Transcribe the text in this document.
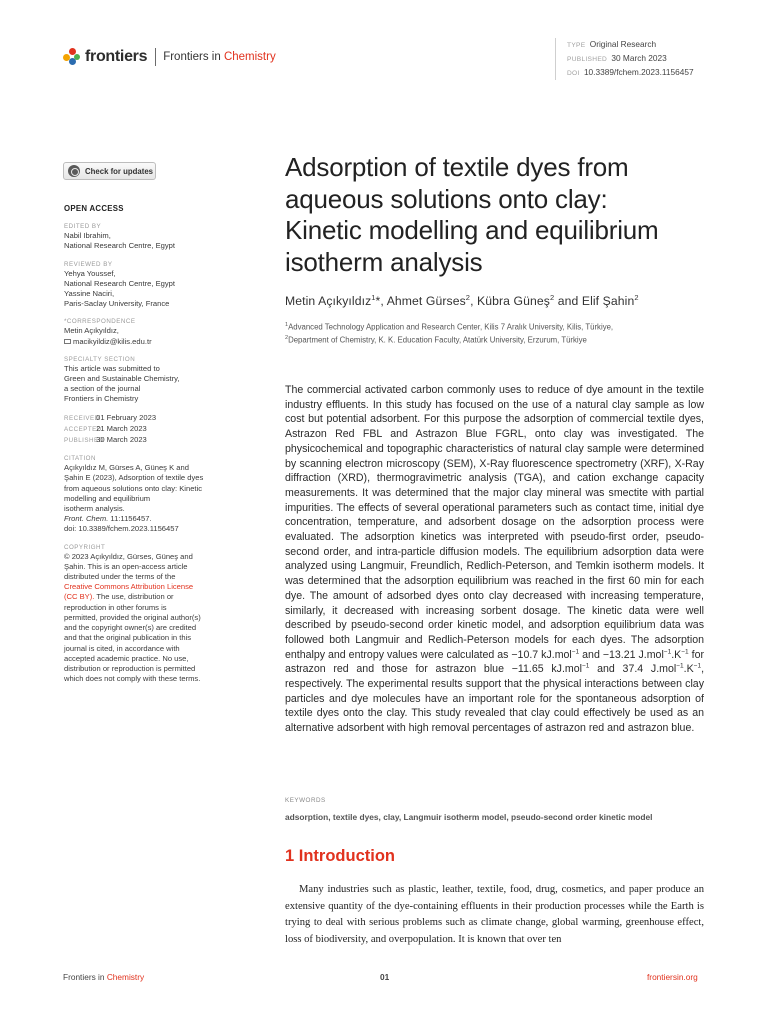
frontiers Frontiers in Chemistry
TYPE Original Research
PUBLISHED 30 March 2023
DOI 10.3389/fchem.2023.1156457
Check for updates
OPEN ACCESS
EDITED BY
Nabil Ibrahim,
National Research Centre, Egypt
REVIEWED BY
Yehya Youssef,
National Research Centre, Egypt
Yassine Naciri,
Paris-Saclay University, France
*CORRESPONDENCE
Metin Açıkyıldız,
macikyildiz@kilis.edu.tr
SPECIALTY SECTION
This article was submitted to
Green and Sustainable Chemistry,
a section of the journal
Frontiers in Chemistry
RECEIVED 01 February 2023
ACCEPTED 21 March 2023
PUBLISHED 30 March 2023
CITATION
Açıkyıldız M, Gürses A, Güneş K and
Şahin E (2023), Adsorption of textile dyes
from aqueous solutions onto clay: Kinetic
modelling and equilibrium
isotherm analysis.
Front. Chem. 11:1156457.
doi: 10.3389/fchem.2023.1156457
COPYRIGHT
© 2023 Açıkyıldız, Gürses, Güneş and
Şahin. This is an open-access article
distributed under the terms of the
Creative Commons Attribution License
(CC BY). The use, distribution or
reproduction in other forums is
permitted, provided the original author(s)
and the copyright owner(s) are credited
and that the original publication in this
journal is cited, in accordance with
accepted academic practice. No use,
distribution or reproduction is permitted
which does not comply with these terms.
Adsorption of textile dyes from
aqueous solutions onto clay:
Kinetic modelling and equilibrium
isotherm analysis
Metin Açıkyıldız$^1$*, Ahmet Gürses$^2$, Kübra Güneş$^2$ and Elif Şahin$^2$
$^1$Advanced Technology Application and Research Center, Kilis 7 Aralık University, Kilis, Türkiye,
$^2$Department of Chemistry, K. K. Education Faculty, Atatürk University, Erzurum, Türkiye

The commercial activated carbon commonly uses to reduce of dye amount in the textile industry effluents. In this study has focused on the use of a natural clay sample as low cost but potential adsorbent. For this purpose the adsorption of commercial textile dyes, Astrazon Red FBL and Astrazon Blue FGRL, onto clay was investigated. The physicochemical and topographic characteristics of natural clay sample were determined by scanning electron microscopy (SEM), X-Ray fluorescence spectrometry (XRF), X-Ray diffraction (XRD), thermogravimetric analysis (TGA), and cation exchange capacity measurements. It was determined that the major clay mineral was smectite with partial impurities. The effects of several operational parameters such as contact time, initial dye concentration, temperature, and adsorbent dosage on the adsorption process were evaluated. The adsorption kinetics was interpreted with pseudo-first order, pseudo-second order, and intra-particle diffusion models. The equilibrium adsorption data were analyzed using Langmuir, Freundlich, Redlich-Peterson, and Temkin isotherm models. It was determined that the adsorption equilibrium was reached in the first 60 min for each dye. The amount of adsorbed dyes onto clay decreased with increasing temperature, similarly, it decreased with increasing sorbent dosage. The kinetic data were well described by pseudo-second order kinetic model, and adsorption equilibrium data was followed both Langmuir and Redlich-Peterson models for each dyes. The adsorption enthalpy and entropy values were calculated as −10.7 kJ.mol$^{-1}$ and −13.21 $J.mol^{-1}.K^{-1}$ for astrazon red and those for astrazon blue −11.65 kJ.mol$^{-1}$ and 37.4 $J.mol^{-1}.K^{-1}$, respectively. The experimental results support that the physical interactions between clay particles and dye molecules have an important role for the spontaneous adsorption of textile dyes onto the clay. This study revealed that clay could effectively be used as an alternative adsorbent with high removal percentages of astrazon red and astrazon blue.

KEYWORDS
adsorption, textile dyes, clay, Langmuir isotherm model, pseudo-second order kinetic model
1 Introduction

Many industries such as plastic, leather, textile, food, drug, cosmetics, and paper produce an extensive quantity of the dye-containing effluents in their production processes while the Earth is trying to deal with serious problems such as climate change, global warming, greenhouse effect, loss of biodiversity, and overpopulation. It is known that over ten

Frontiers in Chemistry	01	frontiersin.org
